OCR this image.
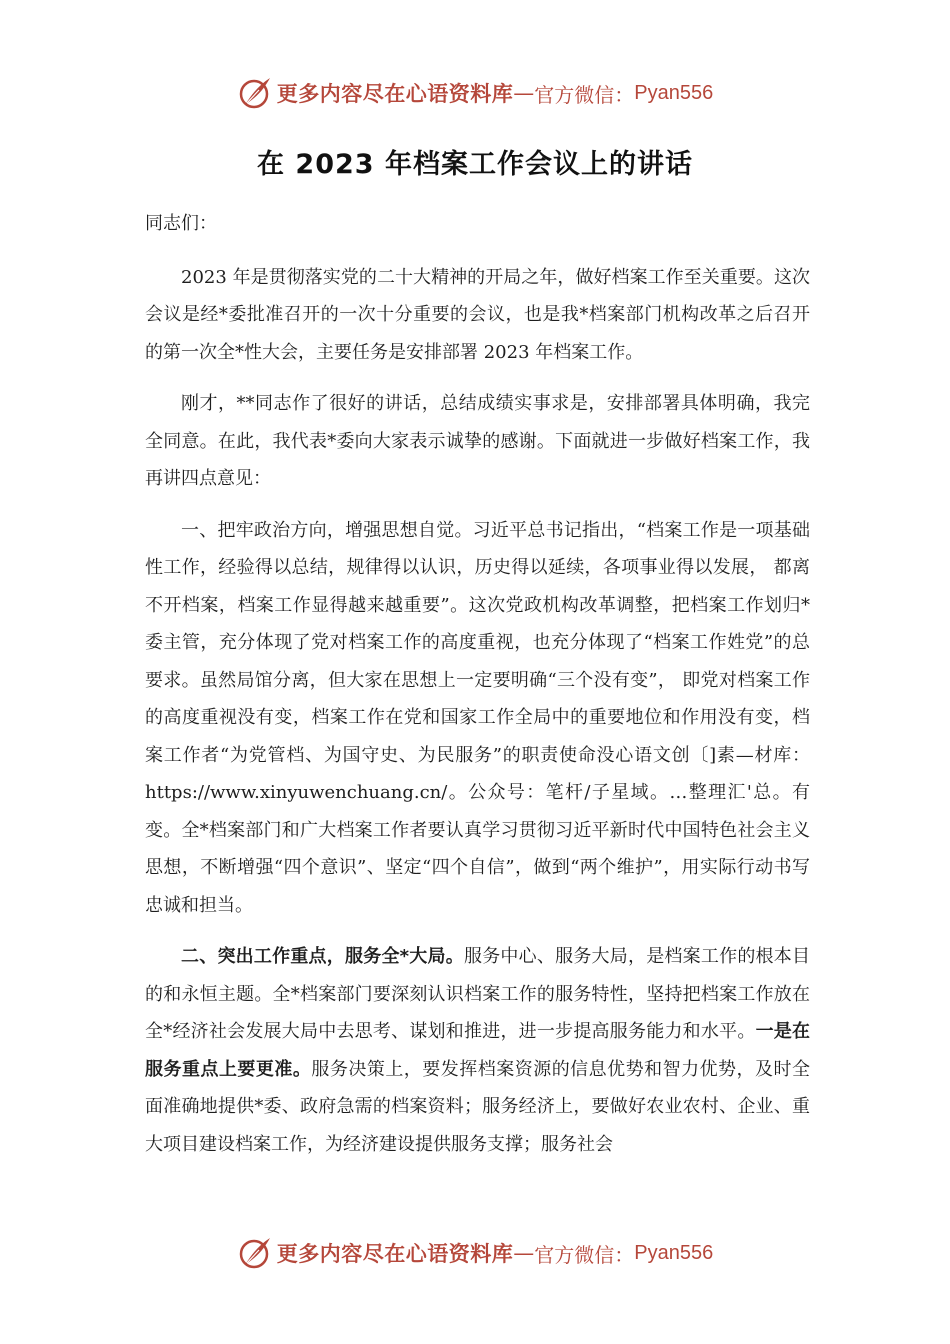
更多内容尽在心语资料库 — 官方微信： Pyan556
在 2023 年档案工作会议上的讲话

同志们：

2023 年是贯彻落实党的二十大精神的开局之年，做好档案工作至关重要。这次会议是经*委批准召开的一次十分重要的会议，也是我*档案部门机构改革之后召开的第一次全*性大会，主要任务是安排部署 2023 年档案工作。

刚才，**同志作了很好的讲话，总结成绩实事求是，安排部署具体明确，我完全同意。在此，我代表*委向大家表示诚挚的感谢。下面就进一步做好档案工作，我再讲四点意见：

一、把牢政治方向，增强思想自觉。习近平总书记指出，“档案工作是一项基础性工作，经验得以总结，规律得以认识，历史得以延续，各项事业得以发展， 都离不开档案，档案工作显得越来越重要”。这次党政机构改革调整，把档案工作划归*委主管，充分体现了党对档案工作的高度重视，也充分体现了“档案工作姓党”的总要求。虽然局馆分离，但大家在思想上一定要明确“三个没有变”， 即党对档案工作的高度重视没有变，档案工作在党和国家工作全局中的重要地位和作用没有变，档案工作者“为党管档、为国守史、为民服务”的职责使命没心语文创〔]素—材库：https://www.xinyuwenchuang.cn/。公众号：笔杆/子星域。…整理汇'总。有变。全*档案部门和广大档案工作者要认真学习贯彻习近平新时代中国特色社会主义思想，不断增强“四个意识”、坚定“四个自信”，做到“两个维护”，用实际行动书写忠诚和担当。

二、突出工作重点，服务全*大局。服务中心、服务大局，是档案工作的根本目的和永恒主题。全*档案部门要深刻认识档案工作的服务特性，坚持把档案工作放在全*经济社会发展大局中去思考、谋划和推进，进一步提高服务能力和水平。一是在服务重点上要更准。服务决策上，要发挥档案资源的信息优势和智力优势，及时全面准确地提供*委、政府急需的档案资料；服务经济上，要做好农业农村、企业、重大项目建设档案工作，为经济建设提供服务支撑；服务社会

更多内容尽在心语资料库 — 官方微信： Pyan556
